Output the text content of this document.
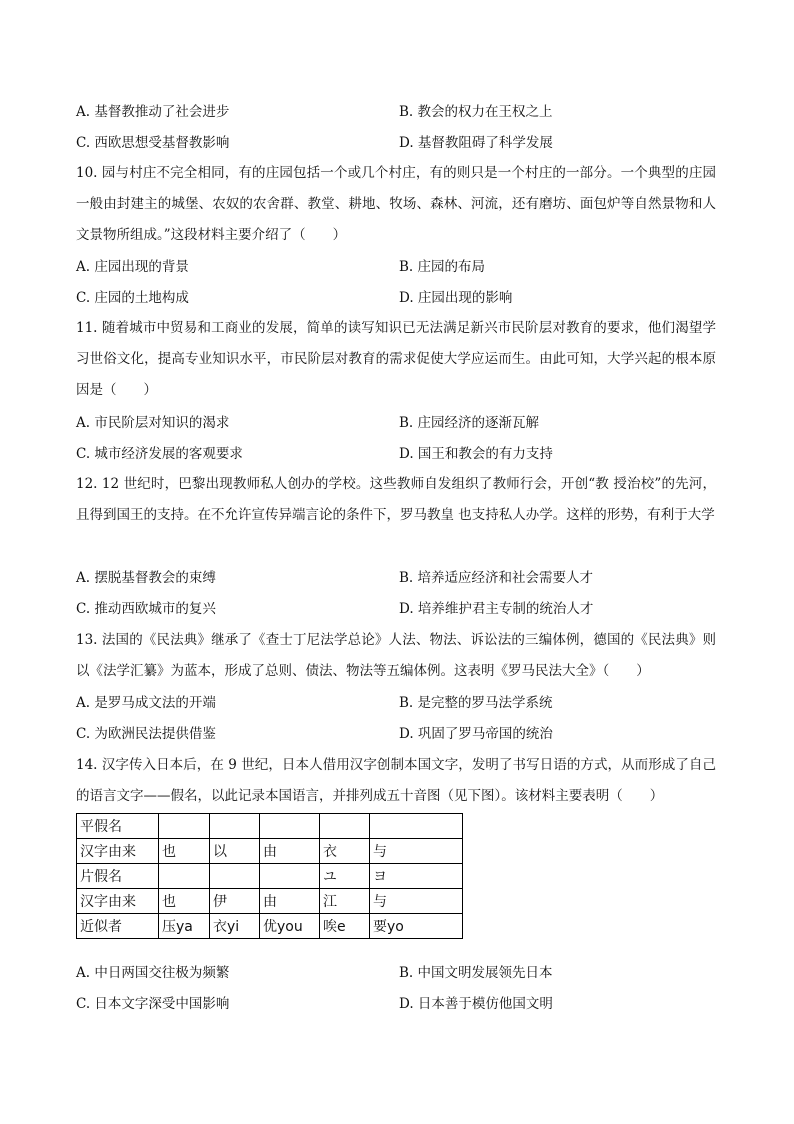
A. 基督教推动了社会进步	B. 教会的权力在王权之上
C. 西欧思想受基督教影响	D. 基督教阻碍了科学发展
10. 园与村庄不完全相同，有的庄园包括一个或几个村庄，有的则只是一个村庄的一部分。一个典型的庄园一般由封建主的城堡、农奴的农舍群、教堂、耕地、牧场、森林、河流，还有磨坊、面包炉等自然景物和人文景物所组成。”这段材料主要介绍了（　　）
A. 庄园出现的背景	B. 庄园的布局
C. 庄园的土地构成	D. 庄园出现的影响
11. 随着城市中贸易和工商业的发展，简单的读写知识已无法满足新兴市民阶层对教育的要求，他们渴望学习世俗文化，提高专业知识水平，市民阶层对教育的需求促使大学应运而生。由此可知，大学兴起的根本原因是（　　）
A. 市民阶层对知识的渴求	B. 庄园经济的逐渐瓦解
C. 城市经济发展的客观要求	D. 国王和教会的有力支持
12. 12 世纪时，巴黎出现教师私人创办的学校。这些教师自发组织了教师行会，开创“教 授治校”的先河，且得到国王的支持。在不允许宣传异端言论的条件下，罗马教皇 也支持私人办学。这样的形势，有利于大学
A. 摆脱基督教会的束缚	B. 培养适应经济和社会需要人才
C. 推动西欧城市的复兴	D. 培养维护君主专制的统治人才
13. 法国的《民法典》继承了《查士丁尼法学总论》人法、物法、诉讼法的三编体例，德国的《民法典》则以《法学汇纂》为蓝本，形成了总则、债法、物法等五编体例。这表明《罗马民法大全》（　　）
A. 是罗马成文法的开端	B. 是完整的罗马法学系统
C. 为欧洲民法提供借鉴	D. 巩固了罗马帝国的统治
14. 汉字传入日本后，在 9 世纪，日本人借用汉字创制本国文字，发明了书写日语的方式，从而形成了自己的语言文字——假名，以此记录本国语言，并排列成五十音图（见下图）。该材料主要表明（　　）
平假名					
汉字由来	也	以	由	衣	与
片假名				ユ	ヨ
汉字由来	也	伊	由	江	与
近似者	压ya	衣yi	优you	唉e	要yo
A. 中日两国交往极为频繁	B. 中国文明发展领先日本
C. 日本文字深受中国影响	D. 日本善于模仿他国文明
